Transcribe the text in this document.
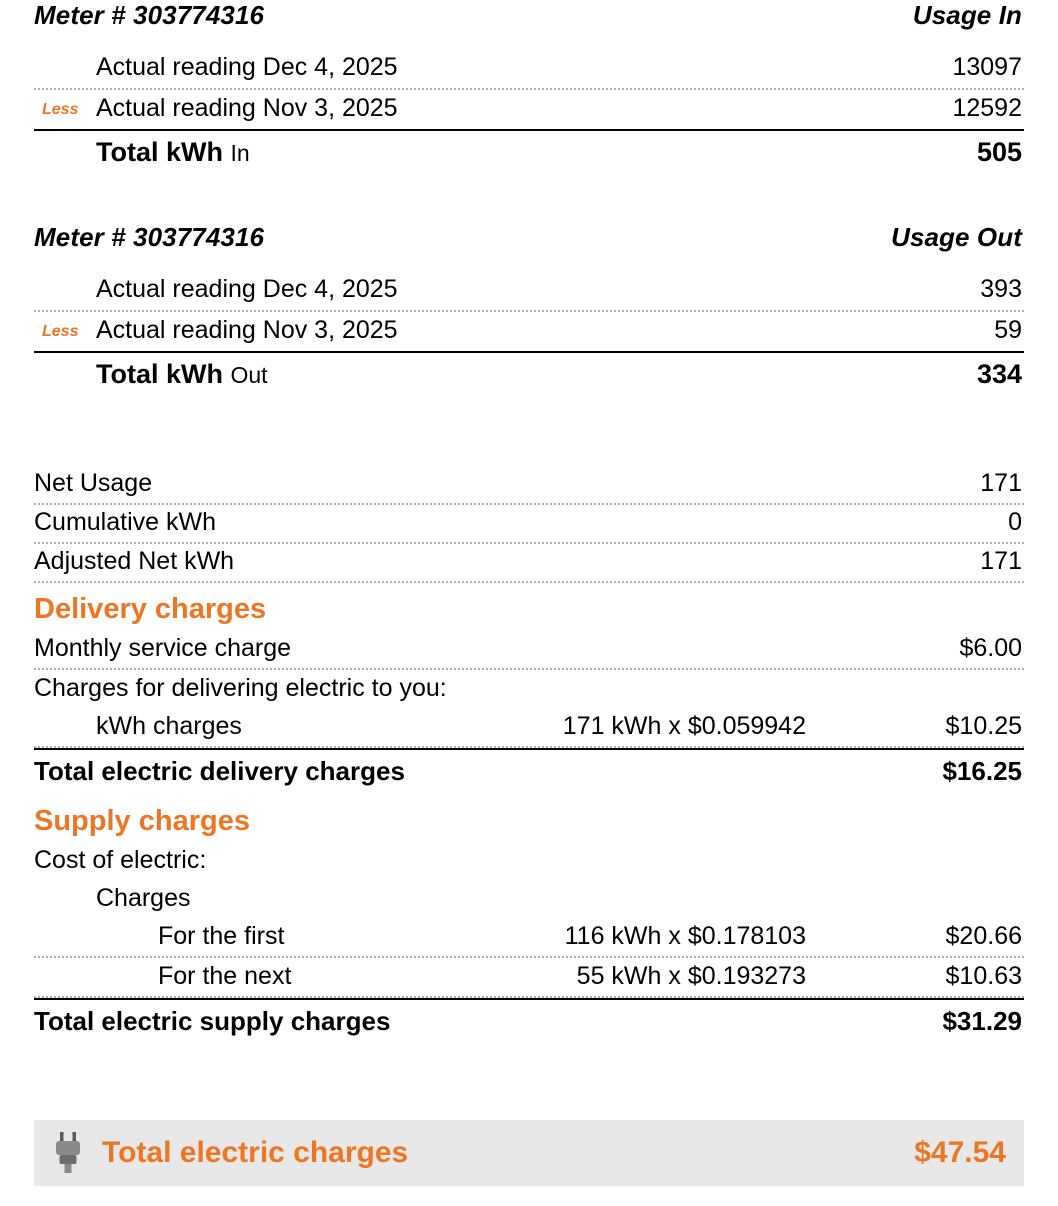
Meter # 303774316	Usage In
Actual reading Dec 4, 2025	13097
Less Actual reading Nov 3, 2025	12592
Total kWh In	505
Meter # 303774316	Usage Out
Actual reading Dec 4, 2025	393
Less Actual reading Nov 3, 2025	59
Total kWh Out	334
Net Usage	171
Cumulative kWh	0
Adjusted Net kWh	171
Delivery charges
Monthly service charge	$6.00
Charges for delivering electric to you:
kWh charges	171 kWh x $0.059942	$10.25
Total electric delivery charges	$16.25
Supply charges
Cost of electric:
Charges
For the first	116 kWh x $0.178103	$20.66
For the next	55 kWh x $0.193273	$10.63
Total electric supply charges	$31.29
Total electric charges	$47.54
